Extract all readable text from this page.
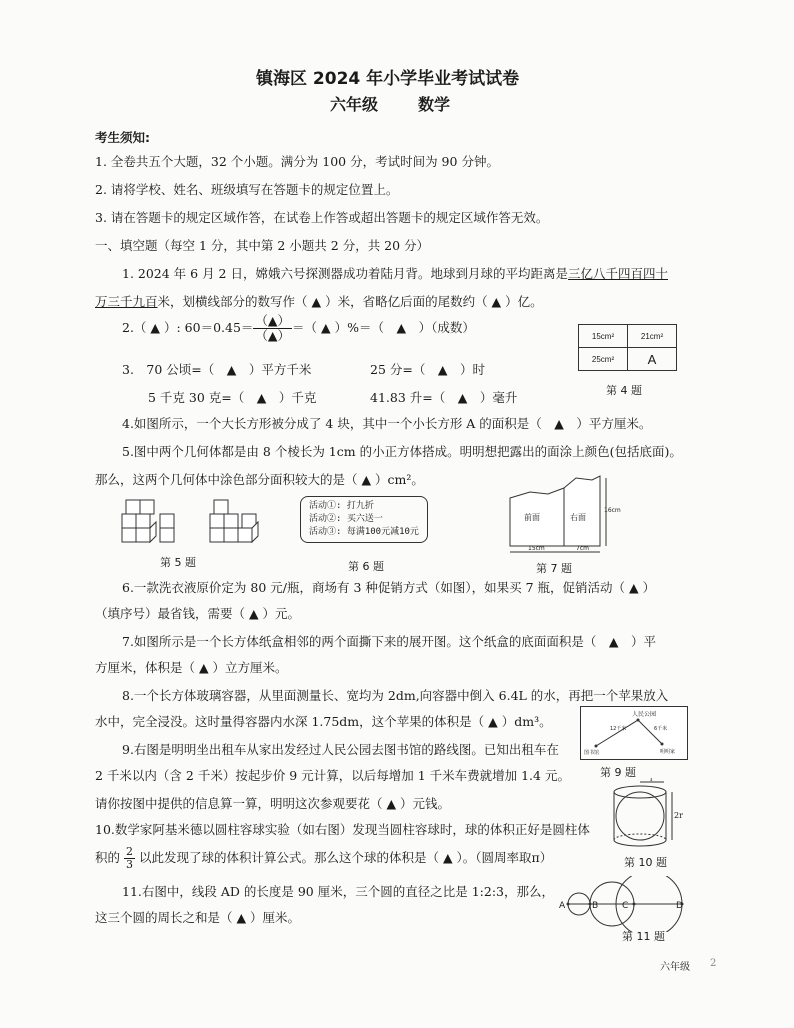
镇海区 2024 年小学毕业考试试卷
六年级 数学
考生须知:
1. 全卷共五个大题，32 个小题。满分为 100 分，考试时间为 90 分钟。
2. 请将学校、姓名、班级填写在答题卡的规定位置上。
3. 请在答题卡的规定区域作答，在试卷上作答或超出答题卡的规定区域作答无效。
一、填空题（每空 1 分，其中第 2 小题共 2 分，共 20 分）
1. 2024 年 6 月 2 日，嫦娥六号探测器成功着陆月背。地球到月球的平均距离是三亿八千四百四十
万三千九百米，划横线部分的数写作（ ▲ ）米，省略亿后面的尾数约（ ▲ ）亿。
2.（ ▲ ）: $60=0.45= \frac{(▲)}{(▲)}$ ＝（ ▲ ）%＝（　▲　）（成数）
3.　70 公顷=（　▲　）平方千米	25 分=（　▲　）时
5 千克 30 克=（　▲　）千克	41.83 升=（　▲　）毫升
15cm²	21cm²
25cm²	A
第 4 题
4.如图所示，一个大长方形被分成了 4 块，其中一个小长方形 A 的面积是（　▲　）平方厘米。
5.图中两个几何体都是由 8 个棱长为 1cm 的小正方体搭成。明明想把露出的面涂上颜色(包括底面)。
那么，这两个几何体中涂色部分面积较大的是（ ▲ ）cm²。
第 5 题
活动①: 打九折
活动②: 买六送一
活动③: 每满100元减10元
第 6 题
前面	右面
16cm
15cm	7cm
第 7 题
6.一款洗衣液原价定为 80 元/瓶，商场有 3 种促销方式（如图），如果买 7 瓶，促销活动（ ▲ ）
（填序号）最省钱，需要（ ▲ ）元。
7.如图所示是一个长方体纸盒相邻的两个面撕下来的展开图。这个纸盒的底面面积是（　▲　）平
方厘米，体积是（ ▲ ）立方厘米。
8.一个长方体玻璃容器，从里面测量长、宽均为 2dm,向容器中倒入 6.4L 的水，再把一个苹果放入
水中，完全浸没。这时量得容器内水深 1.75dm，这个苹果的体积是（ ▲ ）dm³。	人民公园
12千米	6千米
图书馆	明明家
第 9 题
9.右图是明明坐出租车从家出发经过人民公园去图书馆的路线图。已知出租车在
2 千米以内（含 2 千米）按起步价 9 元计算，以后每增加 1 千米车费就增加 1.4 元。
请你按图中提供的信息算一算，明明这次参观要花（ ▲ ）元钱。
r
2r
第 10 题
10.数学家阿基米德以圆柱容球实验（如右图）发现当圆柱容球时，球的体积正好是圆柱体
积的 $\frac{2}{3}$ 以此发现了球的体积计算公式。那么这个球的体积是（ ▲ ）。（圆周率取π）
11.右图中，线段 AD 的长度是 90 厘米，三个圆的直径之比是 1:2:3，那么，
这三个圆的周长之和是（ ▲ ）厘米。
A	B	C	D
第 11 题
六年级 2
